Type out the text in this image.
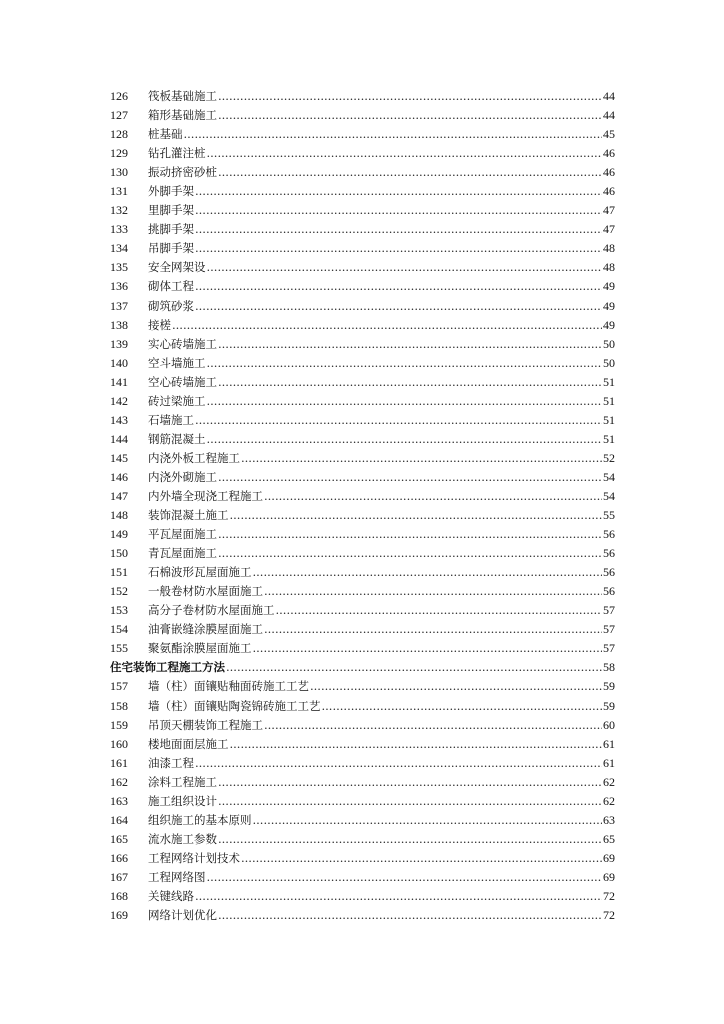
126	筏板基础施工 .....	44
127	箱形基础施工 .....	44
128	桩基础 .....	45
129	钻孔灌注桩 .....	46
130	振动挤密砂桩 .....	46
131	外脚手架 .....	46
132	里脚手架 .....	47
133	挑脚手架 .....	47
134	吊脚手架 .....	48
135	安全网架设 .....	48
136	砌体工程 .....	49
137	砌筑砂浆 .....	49
138	接槎 .....	49
139	实心砖墙施工 .....	50
140	空斗墙施工 .....	50
141	空心砖墙施工 .....	51
142	砖过梁施工 .....	51
143	石墙施工 .....	51
144	钢筋混凝土 .....	51
145	内浇外板工程施工 .....	52
146	内浇外砌施工 .....	54
147	内外墙全现浇工程施工 .....	54
148	装饰混凝土施工 .....	55
149	平瓦屋面施工 .....	56
150	青瓦屋面施工 .....	56
151	石棉波形瓦屋面施工 .....	56
152	一般卷材防水屋面施工 .....	56
153	高分子卷材防水屋面施工 .....	57
154	油膏嵌缝涂膜屋面施工 .....	57
155	聚氨酯涂膜屋面施工 .....	57
住宅装饰工程施工方法 .....	58
157	墙（柱）面镶贴釉面砖施工工艺 .....	59
158	墙（柱）面镶贴陶瓷锦砖施工工艺 .....	59
159	吊顶天棚装饰工程施工 .....	60
160	楼地面面层施工 .....	61
161	油漆工程 .....	61
162	涂料工程施工 .....	62
163	施工组织设计 .....	62
164	组织施工的基本原则 .....	63
165	流水施工参数 .....	65
166	工程网络计划技术 .....	69
167	工程网络图 .....	69
168	关键线路 .....	72
169	网络计划优化 .....	72
